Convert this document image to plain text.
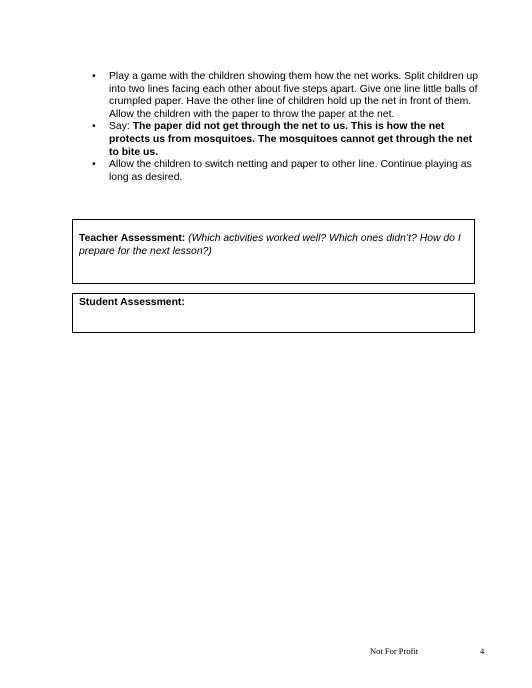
• Play a game with the children showing them how the net works. Split children up into two lines facing each other about five steps apart. Give one line little balls of crumpled paper. Have the other line of children hold up the net in front of them. Allow the children with the paper to throw the paper at the net.
• Say: The paper did not get through the net to us. This is how the net protects us from mosquitoes. The mosquitoes cannot get through the net to bite us.
• Allow the children to switch netting and paper to other line. Continue playing as long as desired.
Teacher Assessment: (Which activities worked well? Which ones didn’t? How do I prepare for the next lesson?)
Student Assessment:
Not For Profit	4
